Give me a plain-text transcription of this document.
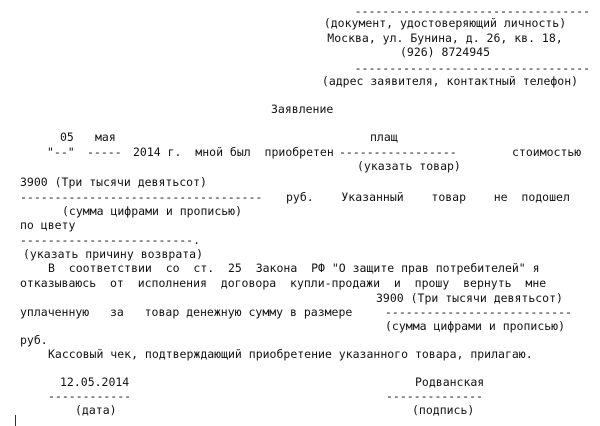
----------------------------------
(документ, удостоверяющий личность)
Москва, ул. Бунина, д. 26, кв. 18,
(926) 8724945
----------------------------------
(адрес заявителя, контактный телефон)
Заявление
05 мая	плащ
"--" ----- 2014 г.  мной был  приобретен -----------------	стоимостью
(указать товар)
3900 (Три тысячи девятьсот)
----------------------------------- руб.    Указанный    товар    не  подошел
(сумма цифрами и прописью)
по цвету
-------------------------.
(указать причину возврата)
В  соответствии  со  ст.  25  Закона  РФ "О защите прав потребителей" я
отказываюсь  от  исполнения  договора  купли-продажи  и  прошу  вернуть  мне
3900 (Три тысячи девятьсот)
уплаченную   за   товар денежную сумму в размере	---------------------------
(сумма цифрами и прописью)
руб.
Кассовый чек, подтверждающий приобретение указанного товара, прилагаю.
12.05.2014
------------
(дата)
Родванская
--------------
(подпись)
